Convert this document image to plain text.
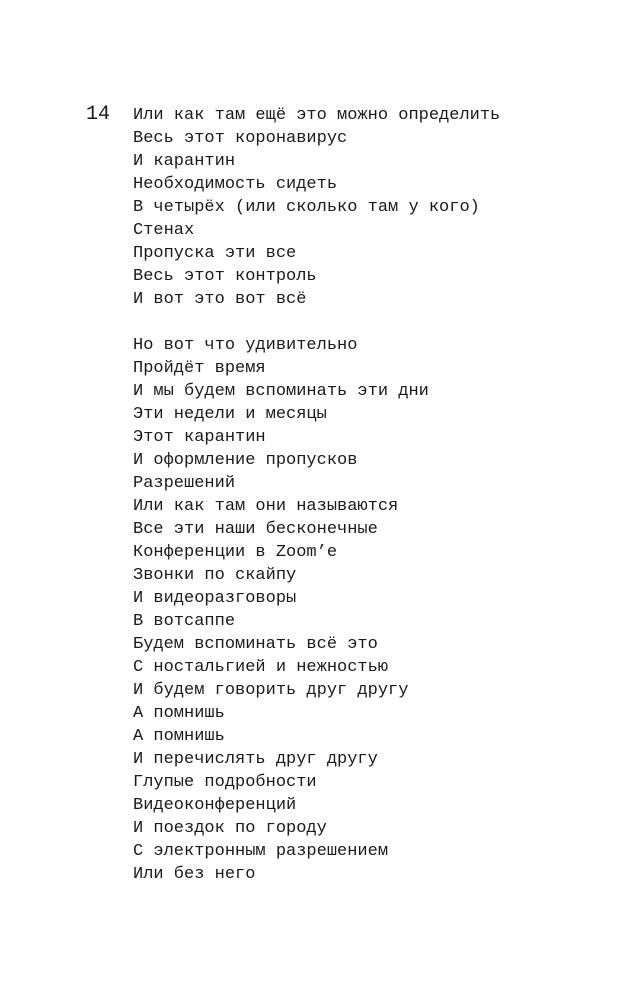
14 Или как там ещё это можно определить
Весь этот коронавирус
И карантин
Необходимость сидеть
В четырёх (или сколько там у кого)
Стенах
Пропуска эти все
Весь этот контроль
И вот это вот всё
Но вот что удивительно
Пройдёт время
И мы будем вспоминать эти дни
Эти недели и месяцы
Этот карантин
И оформление пропусков
Разрешений
Или как там они называются
Все эти наши бесконечные
Конференции в Zoom’е
Звонки по скайпу
И видеоразговоры
В вотсаппе
Будем вспоминать всё это
С ностальгией и нежностью
И будем говорить друг другу
А помнишь
А помнишь
И перечислять друг другу
Глупые подробности
Видеоконференций
И поездок по городу
С электронным разрешением
Или без него
